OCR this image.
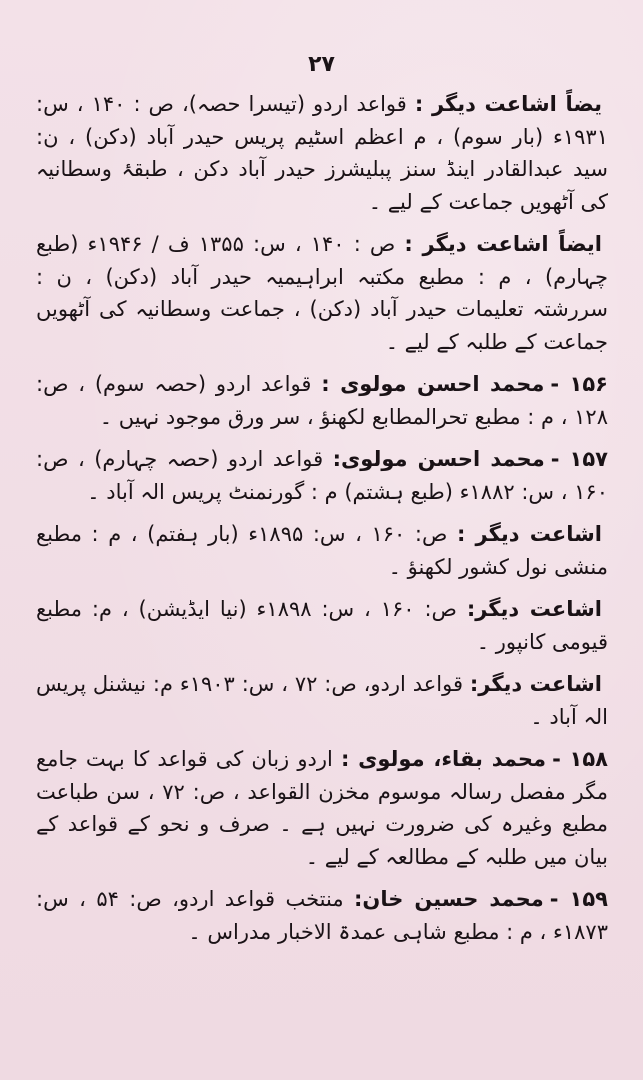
۲۷

یضاً اشاعت دیگر : قواعد اردو (تیسرا حصہ)، ص : ۱۴۰ ، س: ۱۹۳۱ء (بار سوم) ، م اعظم اسٹیم پریس حیدر آباد (دکن) ، ن: سید عبدالقادر اینڈ سنز پبلیشرز حیدر آباد دکن ، طبقۂ وسطانیہ کی آٹھویں جماعت کے لیے ۔

ایضاً اشاعت دیگر : ص : ۱۴۰ ، س: ۱۳۵۵ ف / ۱۹۴۶ء (طبع چہارم) ، م : مطبع مکتبہ ابراہیمیہ حیدر آباد (دکن) ، ن : سررشتہ تعلیمات حیدر آباد (دکن) ، جماعت وسطانیہ کی آٹھویں جماعت کے طلبہ کے لیے ۔

۱۵۶ -محمد احسن مولوی : قواعد اردو (حصہ سوم) ، ص: ۱۲۸ ، م : مطبع تحرالمطابع لکھنؤ ، سر ورق موجود نہیں ۔

۱۵۷ -محمد احسن مولوی: قواعد اردو (حصہ چہارم) ، ص: ۱۶۰ ، س: ۱۸۸۲ء (طبع ہشتم) م : گورنمنٹ پریس الہ آباد ۔

اشاعت دیگر : ص: ۱۶۰ ، س: ۱۸۹۵ء (بار ہفتم) ، م : مطبع منشی نول کشور لکھنؤ ۔

اشاعت دیگر: ص: ۱۶۰ ، س: ۱۸۹۸ء (نیا ایڈیشن) ، م: مطبع قیومی کانپور ۔

اشاعت دیگر: قواعد اردو، ص: ۷۲ ، س: ۱۹۰۳ء م: نیشنل پریس الہ آباد ۔

۱۵۸ -محمد بقاء، مولوی : اردو زبان کی قواعد کا بہت جامع مگر مفصل رسالہ موسوم مخزن القواعد ، ص: ۷۲ ، سن طباعت مطبع وغیرہ کی ضرورت نہیں ہے ۔ صرف و نحو کے قواعد کے بیان میں طلبہ کے مطالعہ کے لیے ۔

۱۵۹ -محمد حسین خان: منتخب قواعد اردو، ص: ۵۴ ، س: ۱۸۷۳ء ، م : مطبع شاہی عمدۃ الاخبار مدراس ۔
